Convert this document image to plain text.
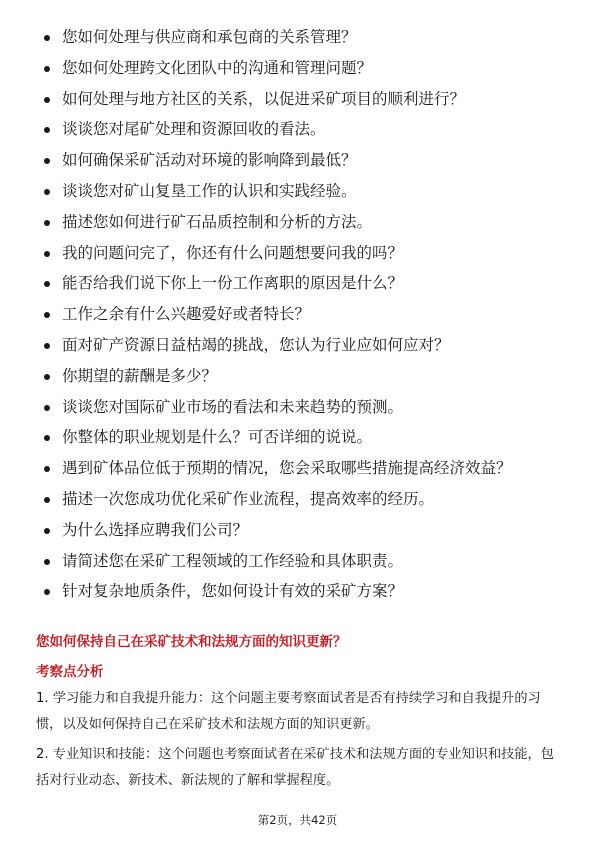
您如何处理与供应商和承包商的关系管理？
您如何处理跨文化团队中的沟通和管理问题？
如何处理与地方社区的关系，以促进采矿项目的顺利进行？
谈谈您对尾矿处理和资源回收的看法。
如何确保采矿活动对环境的影响降到最低？
谈谈您对矿山复垦工作的认识和实践经验。
描述您如何进行矿石品质控制和分析的方法。
我的问题问完了，你还有什么问题想要问我的吗？
能否给我们说下你上一份工作离职的原因是什么？
工作之余有什么兴趣爱好或者特长？
面对矿产资源日益枯竭的挑战，您认为行业应如何应对？
你期望的薪酬是多少？
谈谈您对国际矿业市场的看法和未来趋势的预测。
你整体的职业规划是什么？可否详细的说说。
遇到矿体品位低于预期的情况，您会采取哪些措施提高经济效益？
描述一次您成功优化采矿作业流程，提高效率的经历。
为什么选择应聘我们公司？
请简述您在采矿工程领域的工作经验和具体职责。
针对复杂地质条件，您如何设计有效的采矿方案？
您如何保持自己在采矿技术和法规方面的知识更新？
考察点分析

1. 学习能力和自我提升能力：这个问题主要考察面试者是否有持续学习和自我提升的习惯，以及如何保持自己在采矿技术和法规方面的知识更新。

2. 专业知识和技能：这个问题也考察面试者在采矿技术和法规方面的专业知识和技能，包括对行业动态、新技术、新法规的了解和掌握程度。

第2页，共42页
